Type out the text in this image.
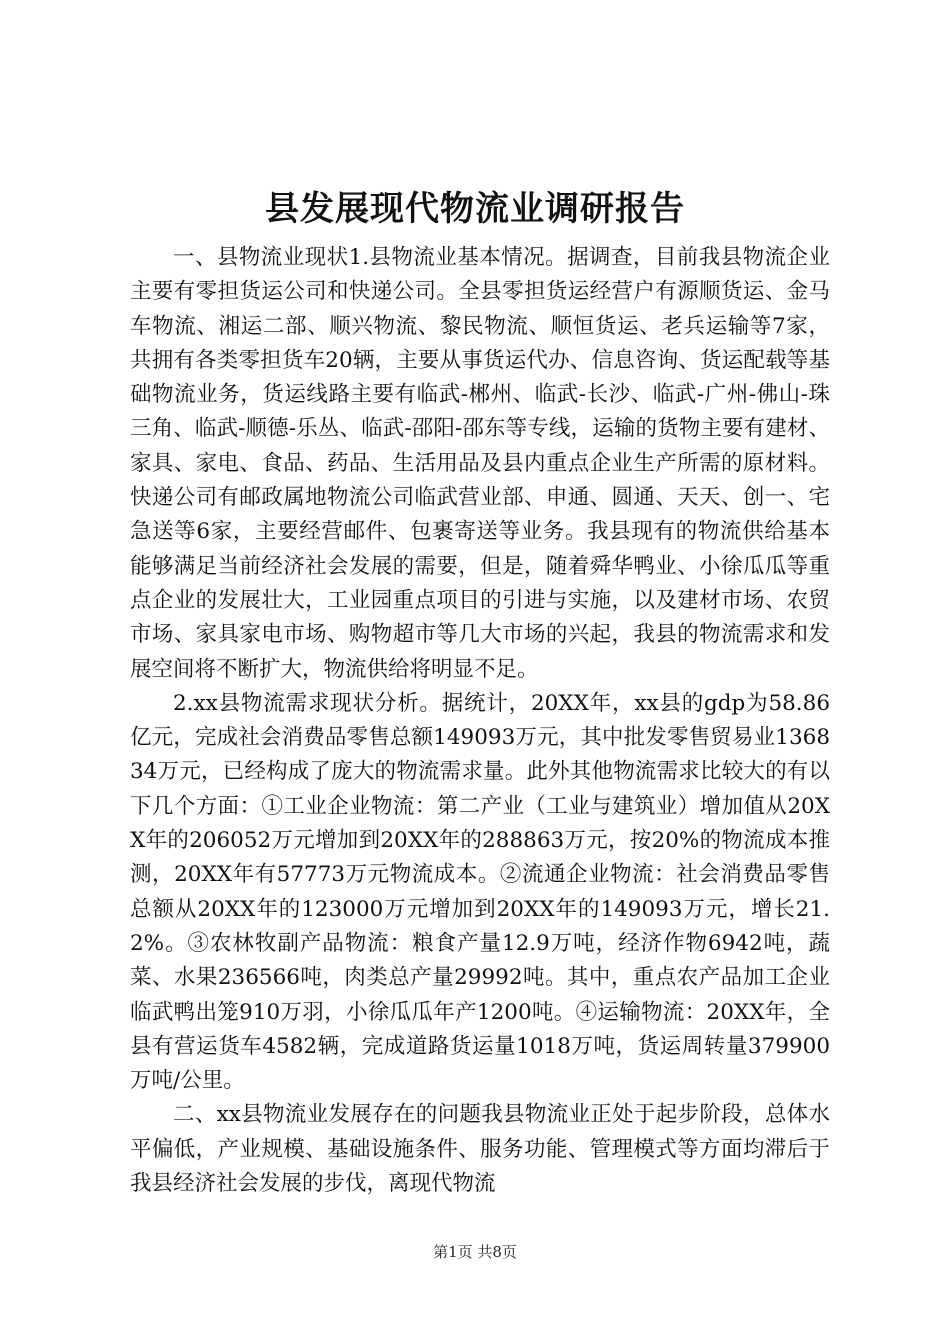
县发展现代物流业调研报告

一、县物流业现状1.县物流业基本情况。据调查，目前我县物流企业主要有零担货运公司和快递公司。全县零担货运经营户有源顺货运、金马车物流、湘运二部、顺兴物流、黎民物流、顺恒货运、老兵运输等7家，共拥有各类零担货车20辆，主要从事货运代办、信息咨询、货运配载等基础物流业务，货运线路主要有临武-郴州、临武-长沙、临武-广州-佛山-珠三角、临武-顺德-乐丛、临武-邵阳-邵东等专线，运输的货物主要有建材、家具、家电、食品、药品、生活用品及县内重点企业生产所需的原材料。快递公司有邮政属地物流公司临武营业部、申通、圆通、天天、创一、宅急送等6家，主要经营邮件、包裹寄送等业务。我县现有的物流供给基本能够满足当前经济社会发展的需要，但是，随着舜华鸭业、小徐瓜瓜等重点企业的发展壮大，工业园重点项目的引进与实施，以及建材市场、农贸市场、家具家电市场、购物超市等几大市场的兴起，我县的物流需求和发展空间将不断扩大，物流供给将明显不足。

2.xx县物流需求现状分析。据统计，20XX年，xx县的gdp为58.86亿元，完成社会消费品零售总额149093万元，其中批发零售贸易业136834万元，已经构成了庞大的物流需求量。此外其他物流需求比较大的有以下几个方面：①工业企业物流：第二产业（工业与建筑业）增加值从20XX年的206052万元增加到20XX年的288863万元，按20%的物流成本推测，20XX年有57773万元物流成本。②流通企业物流：社会消费品零售总额从20XX年的123000万元增加到20XX年的149093万元，增长21.2%。③农林牧副产品物流：粮食产量12.9万吨，经济作物6942吨，蔬菜、水果236566吨，肉类总产量29992吨。其中，重点农产品加工企业临武鸭出笼910万羽，小徐瓜瓜年产1200吨。④运输物流：20XX年，全县有营运货车4582辆，完成道路货运量1018万吨，货运周转量379900万吨/公里。

二、xx县物流业发展存在的问题我县物流业正处于起步阶段，总体水平偏低，产业规模、基础设施条件、服务功能、管理模式等方面均滞后于我县经济社会发展的步伐，离现代物流

第1页 共8页
